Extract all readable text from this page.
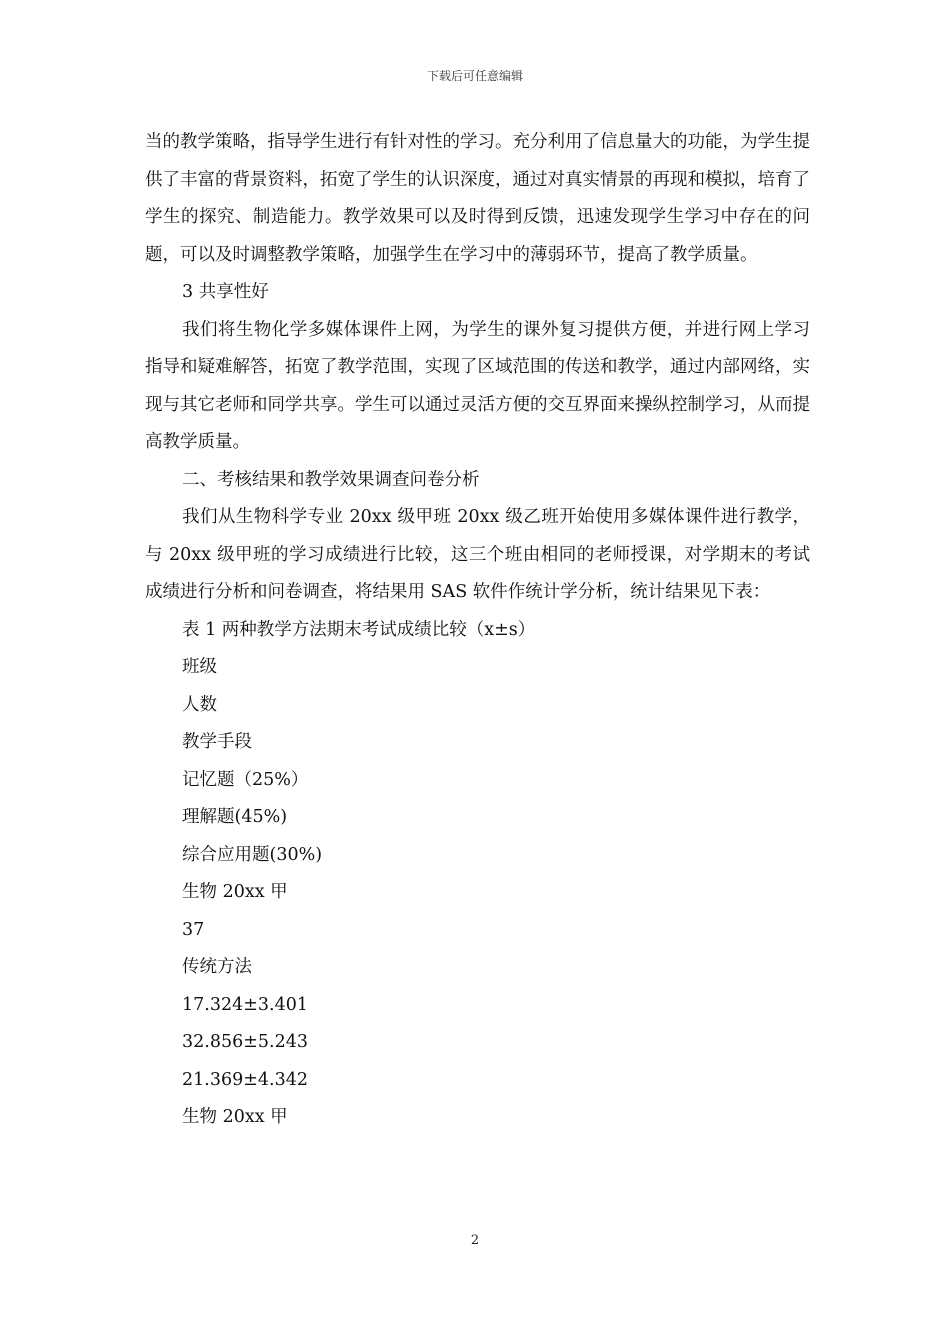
下载后可任意编辑

当的教学策略，指导学生进行有针对性的学习。充分利用了信息量大的功能，为学生提供了丰富的背景资料，拓宽了学生的认识深度，通过对真实情景的再现和模拟，培育了学生的探究、制造能力。教学效果可以及时得到反馈，迅速发现学生学习中存在的问题，可以及时调整教学策略，加强学生在学习中的薄弱环节，提高了教学质量。

3 共享性好

我们将生物化学多媒体课件上网，为学生的课外复习提供方便，并进行网上学习指导和疑难解答，拓宽了教学范围，实现了区域范围的传送和教学，通过内部网络，实现与其它老师和同学共享。学生可以通过灵活方便的交互界面来操纵控制学习，从而提高教学质量。

二、考核结果和教学效果调查问卷分析

我们从生物科学专业 20xx 级甲班 20xx 级乙班开始使用多媒体课件进行教学，与 20xx 级甲班的学习成绩进行比较，这三个班由相同的老师授课，对学期末的考试成绩进行分析和问卷调查，将结果用 SAS 软件作统计学分析，统计结果见下表：

表 1 两种教学方法期末考试成绩比较（x±s）

班级

人数

教学手段

记忆题（25%）

理解题(45%)

综合应用题(30%)

生物 20xx 甲

37

传统方法

17.324±3.401

32.856±5.243

21.369±4.342

生物 20xx 甲

2
